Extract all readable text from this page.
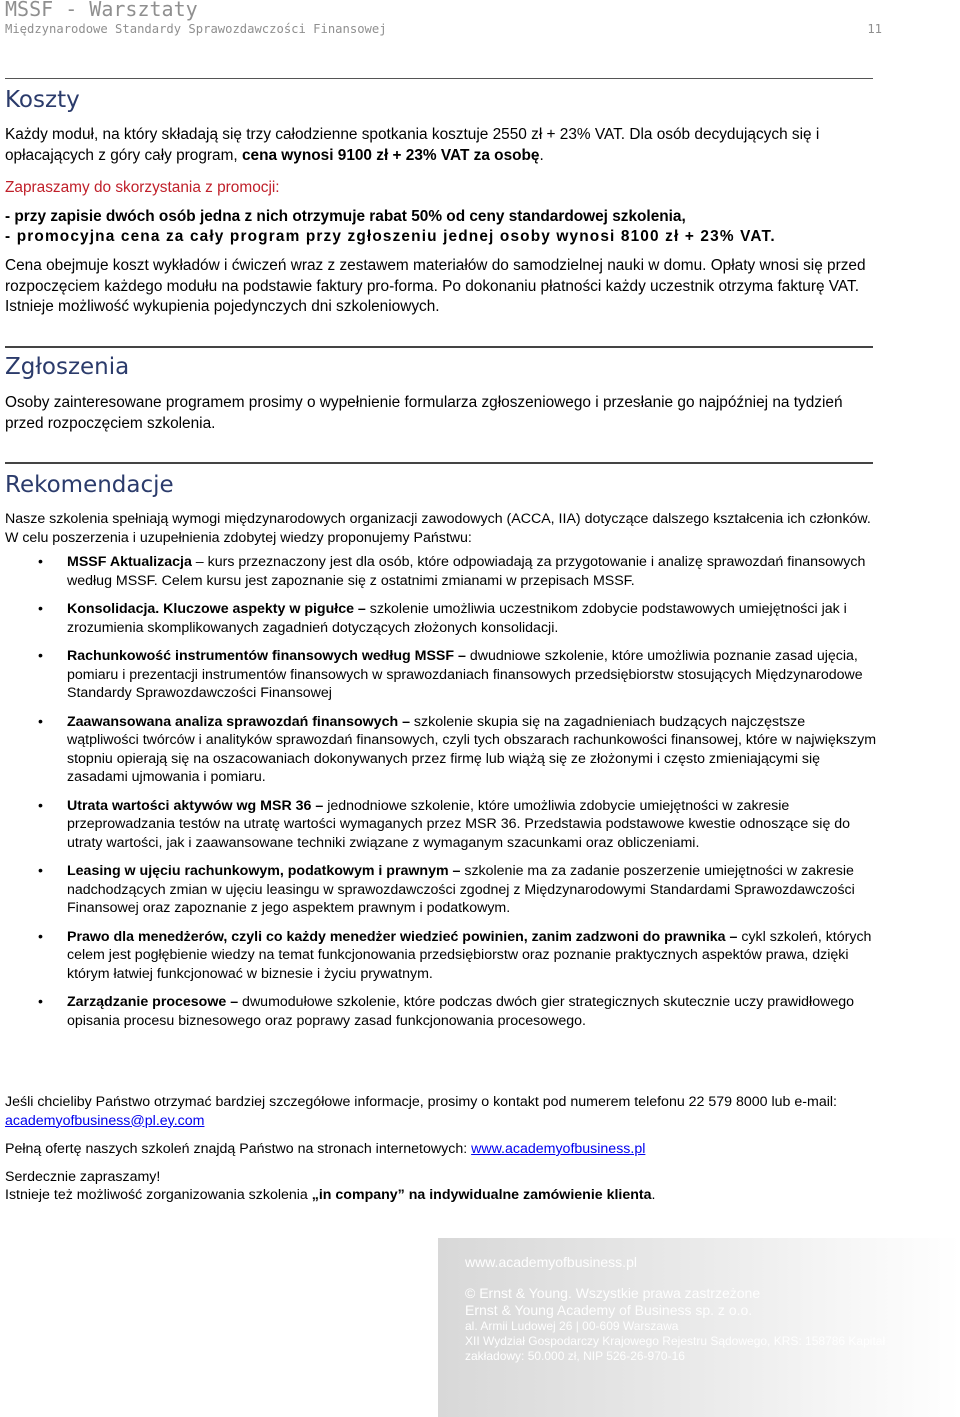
MSSF - Warsztaty

Międzynarodowe Standardy Sprawozdawczości Finansowej	11

Koszty

Każdy moduł, na który składają się trzy całodzienne spotkania kosztuje 2550 zł + 23% VAT. Dla osób decydujących się i opłacających z góry cały program, cena wynosi 9100 zł + 23% VAT za osobę.

Zapraszamy do skorzystania z promocji:

- przy zapisie dwóch osób jedna z nich otrzymuje rabat 50% od ceny standardowej szkolenia,

- promocyjna cena za cały program przy zgłoszeniu jednej osoby wynosi 8100 zł + 23% VAT.

Cena obejmuje koszt wykładów i ćwiczeń wraz z zestawem materiałów do samodzielnej nauki w domu. Opłaty wnosi się przed rozpoczęciem każdego modułu na podstawie faktury pro-forma. Po dokonaniu płatności każdy uczestnik otrzyma fakturę VAT. Istnieje możliwość wykupienia pojedynczych dni szkoleniowych.

Zgłoszenia

Osoby zainteresowane programem prosimy o wypełnienie formularza zgłoszeniowego i przesłanie go najpóźniej na tydzień przed rozpoczęciem szkolenia.

Rekomendacje

Nasze szkolenia spełniają wymogi międzynarodowych organizacji zawodowych (ACCA, IIA) dotyczące dalszego kształcenia ich członków. W celu poszerzenia i uzupełnienia zdobytej wiedzy proponujemy Państwu:

• MSSF Aktualizacja – kurs przeznaczony jest dla osób, które odpowiadają za przygotowanie i analizę sprawozdań finansowych według MSSF. Celem kursu jest zapoznanie się z ostatnimi zmianami w przepisach MSSF.
• Konsolidacja. Kluczowe aspekty w pigułce – szkolenie umożliwia uczestnikom zdobycie podstawowych umiejętności jak i zrozumienia skomplikowanych zagadnień dotyczących złożonych konsolidacji.
• Rachunkowość instrumentów finansowych według MSSF – dwudniowe szkolenie, które umożliwia poznanie zasad ujęcia, pomiaru i prezentacji instrumentów finansowych w sprawozdaniach finansowych przedsiębiorstw stosujących Międzynarodowe Standardy Sprawozdawczości Finansowej
• Zaawansowana analiza sprawozdań finansowych – szkolenie skupia się na zagadnieniach budzących najczęstsze wątpliwości twórców i analityków sprawozdań finansowych, czyli tych obszarach rachunkowości finansowej, które w największym stopniu opierają się na oszacowaniach dokonywanych przez firmę lub wiążą się ze złożonymi i często zmieniającymi się zasadami ujmowania i pomiaru.
• Utrata wartości aktywów wg MSR 36 – jednodniowe szkolenie, które umożliwia zdobycie umiejętności w zakresie przeprowadzania testów na utratę wartości wymaganych przez MSR 36. Przedstawia podstawowe kwestie odnoszące się do utraty wartości, jak i zaawansowane techniki związane z wymaganym szacunkami oraz obliczeniami.
• Leasing w ujęciu rachunkowym, podatkowym i prawnym – szkolenie ma za zadanie poszerzenie umiejętności w zakresie nadchodzących zmian w ujęciu leasingu w sprawozdawczości zgodnej z Międzynarodowymi Standardami Sprawozdawczości Finansowej oraz zapoznanie z jego aspektem prawnym i podatkowym.
• Prawo dla menedżerów, czyli co każdy menedżer wiedzieć powinien, zanim zadzwoni do prawnika – cykl szkoleń, których celem jest pogłębienie wiedzy na temat funkcjonowania przedsiębiorstw oraz poznanie praktycznych aspektów prawa, dzięki którym łatwiej funkcjonować w biznesie i życiu prywatnym.
• Zarządzanie procesowe – dwumodułowe szkolenie, które podczas dwóch gier strategicznych skutecznie uczy prawidłowego opisania procesu biznesowego oraz poprawy zasad funkcjonowania procesowego.

Jeśli chcieliby Państwo otrzymać bardziej szczegółowe informacje, prosimy o kontakt pod numerem telefonu 22 579 8000 lub e-mail: academyofbusiness@pl.ey.com

Pełną ofertę naszych szkoleń znajdą Państwo na stronach internetowych: www.academyofbusiness.pl

Serdecznie zapraszamy!

Istnieje też możliwość zorganizowania szkolenia „in company” na indywidualne zamówienie klienta.

www.academyofbusiness.pl

© Ernst & Young. Wszystkie prawa zastrzeżone

Ernst & Young Academy of Business sp. z o.o.

al. Armii Ludowej 26 | 00-609 Warszawa

XII Wydział Gospodarczy Krajowego Rejestru Sądowego, KRS: 158786 Kapitał

zakładowy: 50.000 zł, NIP 526-26-970-16
